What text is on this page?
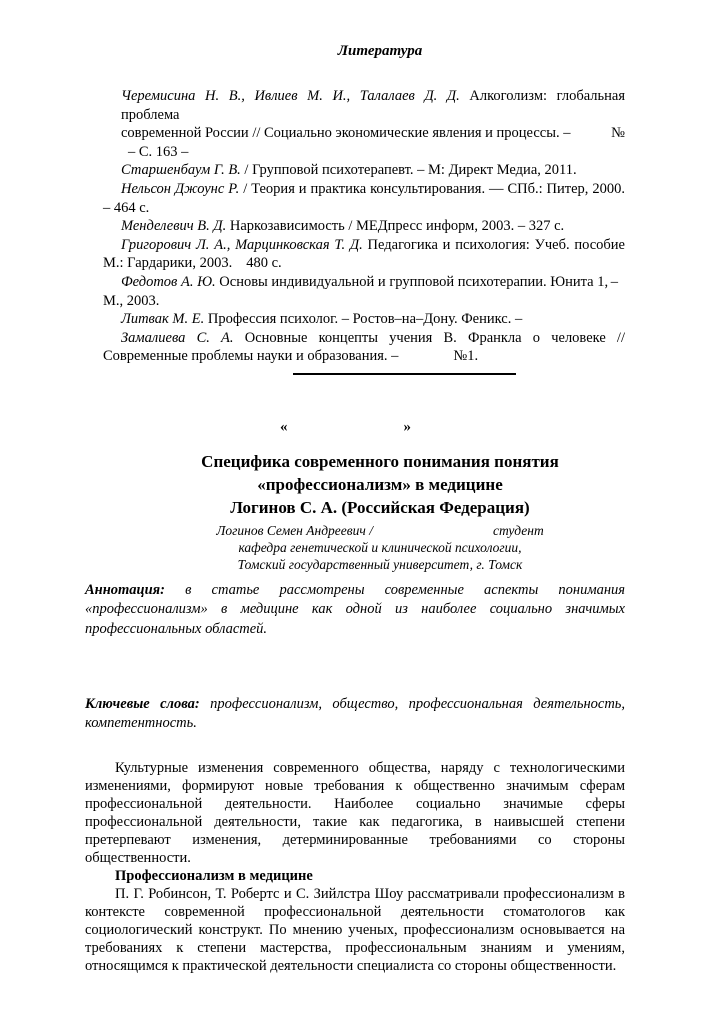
Литература
Черемисина Н. В., Ивлиев М. И., Талалаев Д. Д. Алкоголизм: глобальная проблема
№
современной России // Социально экономические явления и процессы. –
– С. 163 –
Старшенбаум Г. В. / Групповой психотерапевт. – М: Директ Медиа, 2011.
Нельсон Джоунс Р. / Теория и практика консультирования. — СПб.: Питер, 2000.
– 464 с.
Менделевич В. Д. Наркозависимость / МЕДпресс информ, 2003. – 327 с.
Григорович Л. А., Марцинковская Т. Д. Педагогика и психология: Учеб. пособие
М.: Гардарики, 2003. 480 с.
–
Федотов А. Ю. Основы индивидуальной и групповой психотерапии. Юнита 1,
М., 2003.
Литвак М. Е. Профессия психолог. – Ростов–на–Дону. Феникс. –
Замалиева С. А. Основные концепты учения В. Франкла о человеке //
Современные проблемы науки и образования. –	№1.
«	»
Специфика современного понимания понятия
«профессионализм» в медицине
Логинов С. А. (Российская Федерация)
Логинов Семен Андреевич /	студент
кафедра генетической и клинической психологии,
Томский государственный университет, г. Томск
Аннотация: в статье рассмотрены современные аспекты понимания
«профессионализм» в медицине как одной из наиболее социально значимых
профессиональных областей.
Ключевые слова: профессионализм, общество, профессиональная деятельность,
компетентность.
Культурные изменения современного общества, наряду с технологическими
изменениями, формируют новые требования к общественно значимым сферам
профессиональной деятельности. Наиболее социально значимые сферы
профессиональной деятельности, такие как педагогика, в наивысшей степени
претерпевают изменения, детерминированные требованиями со стороны
общественности.
Профессионализм в медицине
П. Г. Робинсон, Т. Робертс и С. Зийлстра Шоу рассматривали профессионализм в
контексте современной профессиональной деятельности стоматологов как
социологический конструкт. По мнению ученых, профессионализм основывается на
требованиях к степени мастерства, профессиональным знаниям и умениям,
относящимся к практической деятельности специалиста со стороны общественности.
